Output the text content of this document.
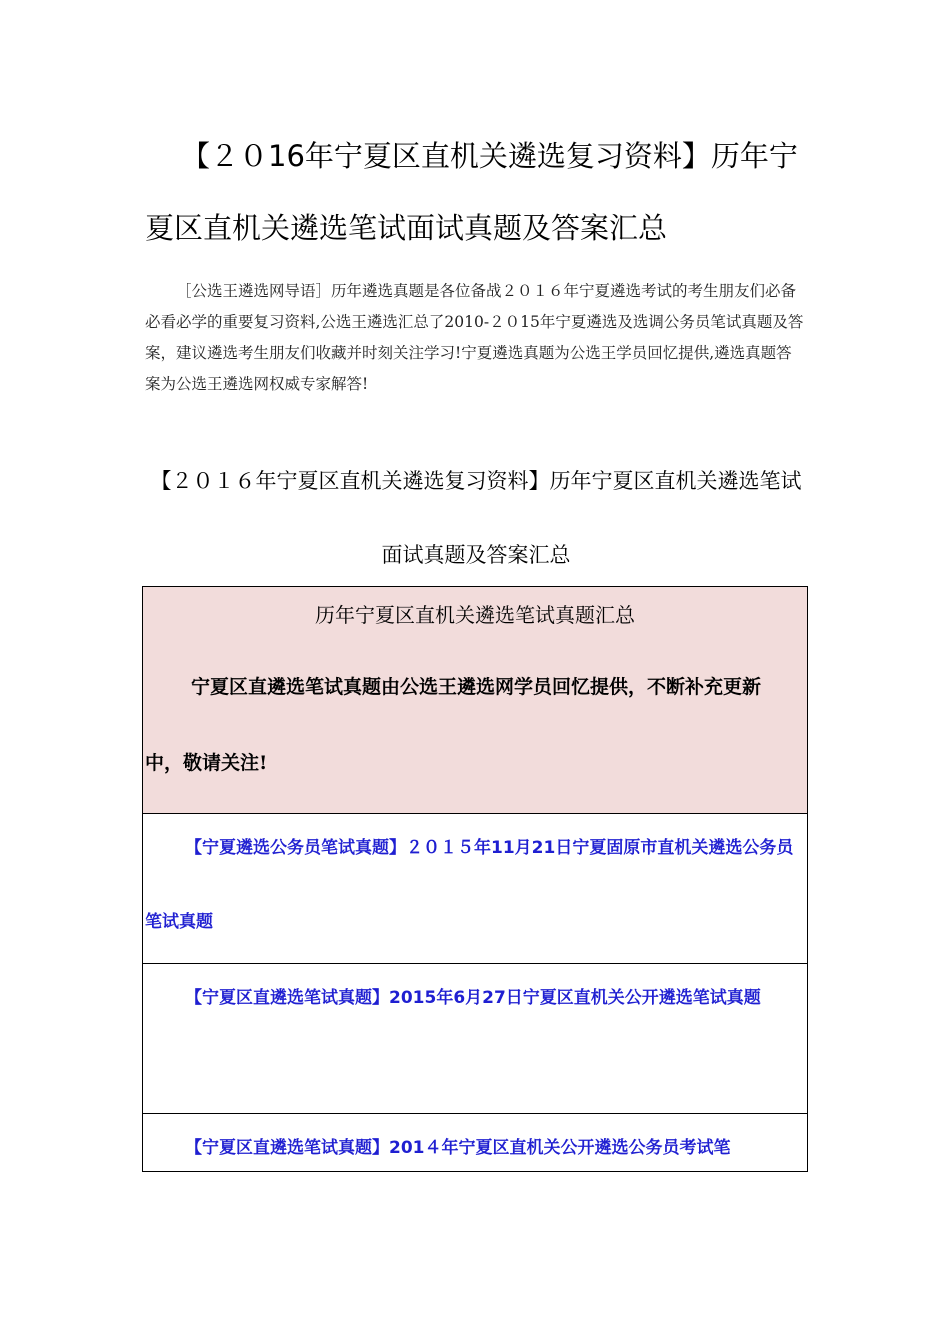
【２０16年宁夏区直机关遴选复习资料】历年宁夏区直机关遴选笔试面试真题及答案汇总

［公选王遴选网导语］历年遴选真题是各位备战２０１６年宁夏遴选考试的考生朋友们必备必看必学的重要复习资料,公选王遴选汇总了2010-２０15年宁夏遴选及选调公务员笔试真题及答案，建议遴选考生朋友们收藏并时刻关注学习!宁夏遴选真题为公选王学员回忆提供,遴选真题答案为公选王遴选网权威专家解答!

【２０１６年宁夏区直机关遴选复习资料】历年宁夏区直机关遴选笔试面试真题及答案汇总

历年宁夏区直机关遴选笔试真题汇总

宁夏区直遴选笔试真题由公选王遴选网学员回忆提供，不断补充更新中，敬请关注!

【宁夏遴选公务员笔试真题】２０１５年11月21日宁夏固原市直机关遴选公务员笔试真题

【宁夏区直遴选笔试真题】2015年6月27日宁夏区直机关公开遴选笔试真题

【宁夏区直遴选笔试真题】201４年宁夏区直机关公开遴选公务员考试笔
